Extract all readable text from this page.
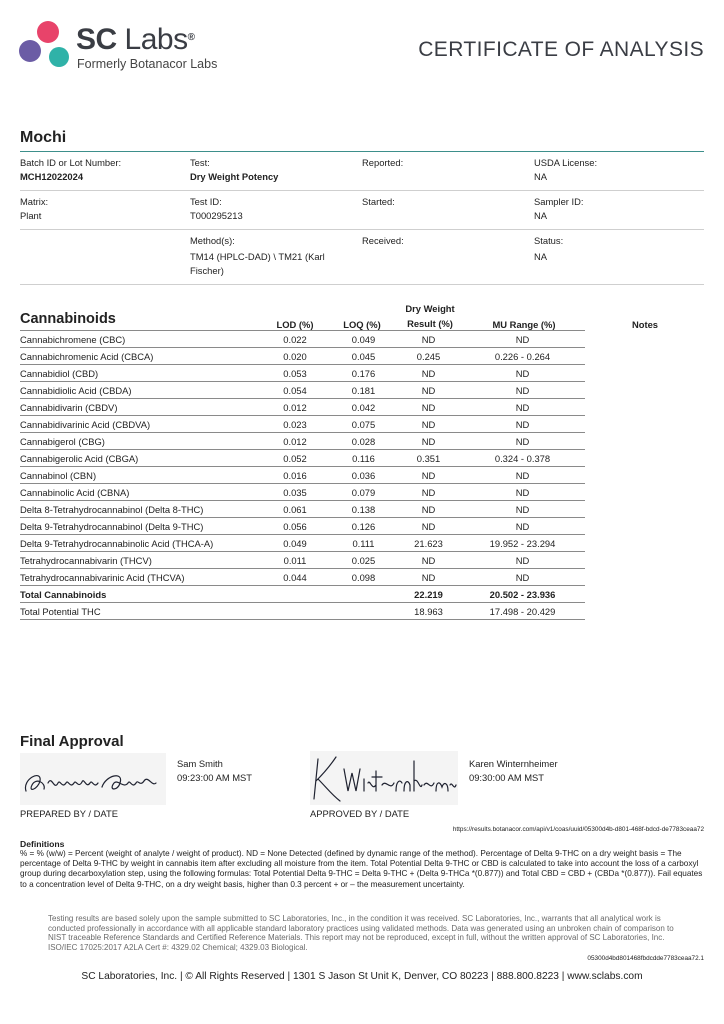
SC Labs®
Formerly Botanacor Labs
CERTIFICATE OF ANALYSIS
Mochi
Batch ID or Lot Number:
MCH12022024
Test:
Dry Weight Potency
Reported:	USDA License:
NA
Matrix:
Plant
Test ID:
T000295213
Started:	Sampler ID:
NA
Method(s):
TM14 (HPLC-DAD) \ TM21 (Karl Fischer)
Received:	Status:
NA
Cannabinoids	LOD (%)	LOQ (%)
Dry Weight
Result (%)	MU Range (%)	Notes
Cannabichromene (CBC)	0.022	0.049	ND	ND
Cannabichromenic Acid (CBCA)	0.020	0.045	0.245	0.226 - 0.264
Cannabidiol (CBD)	0.053	0.176	ND	ND
Cannabidiolic Acid (CBDA)	0.054	0.181	ND	ND
Cannabidivarin (CBDV)	0.012	0.042	ND	ND
Cannabidivarinic Acid (CBDVA)	0.023	0.075	ND	ND
Cannabigerol (CBG)	0.012	0.028	ND	ND
Cannabigerolic Acid (CBGA)	0.052	0.116	0.351	0.324 - 0.378
Cannabinol (CBN)	0.016	0.036	ND	ND
Cannabinolic Acid (CBNA)	0.035	0.079	ND	ND
Delta 8-Tetrahydrocannabinol (Delta 8-THC)	0.061	0.138	ND	ND
Delta 9-Tetrahydrocannabinol (Delta 9-THC)	0.056	0.126	ND	ND
Delta 9-Tetrahydrocannabinolic Acid (THCA-A)	0.049	0.111	21.623	19.952 - 23.294
Tetrahydrocannabivarin (THCV)	0.011	0.025	ND	ND
Tetrahydrocannabivarinic Acid (THCVA)	0.044	0.098	ND	ND
Total Cannabinoids			22.219	20.502 - 23.936
Total Potential THC			18.963	17.498 - 20.429
Final Approval
Sam Smith
09:23:00 AM MST
PREPARED BY / DATE
Karen Winternheimer
09:30:00 AM MST
APPROVED BY / DATE
https://results.botanacor.com/api/v1/coas/uuid/05300d4b-d801-468f-bdcd-de7783ceaa72
Definitions
% = % (w/w) = Percent (weight of analyte / weight of product). ND = None Detected (defined by dynamic range of the method). Percentage of Delta 9-THC on a dry weight basis = The percentage of Delta 9-THC by weight in cannabis item after excluding all moisture from the item. Total Potential Delta 9-THC or CBD is calculated to take into account the loss of a carboxyl group during decarboxylation step, using the following formulas: Total Potential Delta 9-THC = Delta 9-THC + (Delta 9-THCa *(0.877)) and Total CBD = CBD + (CBDa *(0.877)). Fail equates to a concentration level of Delta 9-THC, on a dry weight basis, higher than 0.3 percent + or – the measurement uncertainty.
Testing results are based solely upon the sample submitted to SC Laboratories, Inc., in the condition it was received. SC Laboratories, Inc., warrants that all analytical work is conducted professionally in accordance with all applicable standard laboratory practices using validated methods. Data was generated using an unbroken chain of comparison to NIST traceable Reference Standards and Certified Reference Materials. This report may not be reproduced, except in full, without the written approval of SC Laboratories, Inc. ISO/IEC 17025:2017 A2LA Cert #: 4329.02 Chemical; 4329.03 Biological.
05300d4bd801468fbdcdde7783ceaa72.1
SC Laboratories, Inc. | © All Rights Reserved | 1301 S Jason St Unit K, Denver, CO 80223 | 888.800.8223 | www.sclabs.com
